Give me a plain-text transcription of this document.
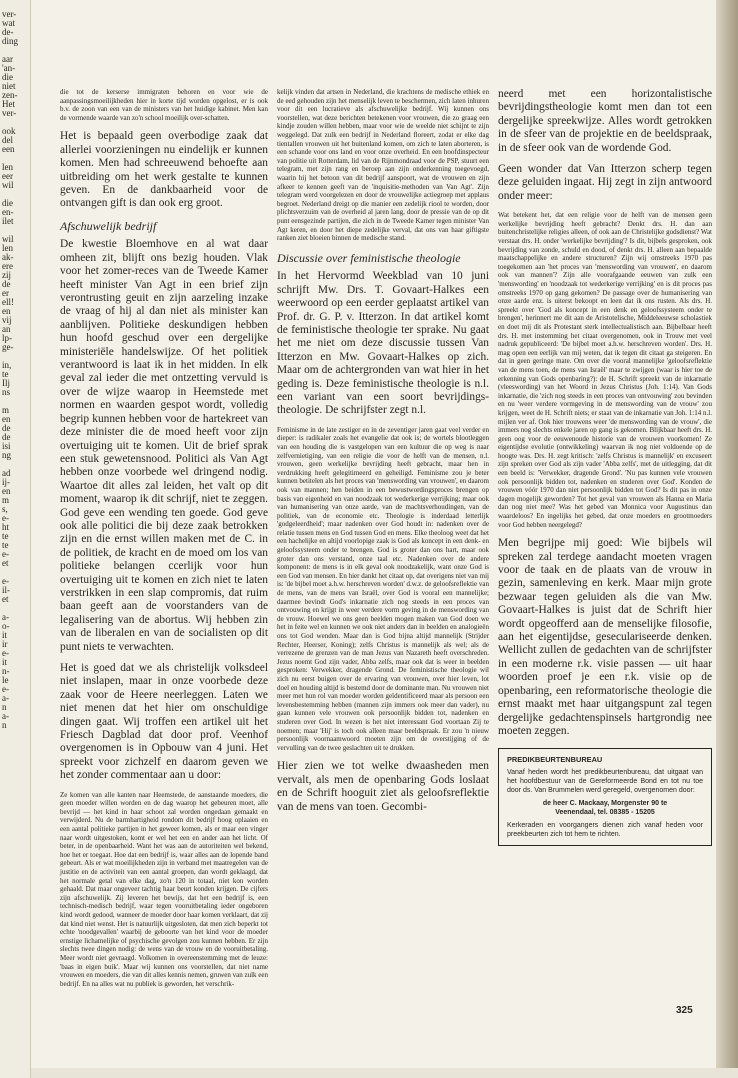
ver-
wat
de-
ding

aar
'an-
die
niet
zen-
Het
ver-

ook
del
een

len
eer
wil

die
en-
ilet

wil
len
ak-
ere
zij
de
er
ell!
en
vij
an
lp-
ge-

in,
te
Ilj
ns

m
en
de
de
isi
ng

ad
ij-
en
m
s,
e-
ht
te
te
e-
et

e-
il-
et

a-
o-
it
ir
e-
it
n-
le
e-
a-
n
a-
n

die tot de kerserse immigraten behoren en voor wie de aanpassingsmoeilijkheden hier in korte tijd worden opgelost, er is ook b.v. de zoon van een van de ministers van het huidige kabinet. Men kan de vormende waarde van zo'n school moeilijk over-schatten.

Het is bepaald geen overbodige zaak dat allerlei voorzieningen nu eindelijk er kunnen komen. Men had schreeuwend behoefte aan uitbreiding om het werk gestalte te kunnen geven. En de dankbaarheid voor de ontvangen gift is dan ook erg groot.

Afschuwelijk bedrijf

De kwestie Bloemhove en al wat daar omheen zit, blijft ons bezig houden. Vlak voor het zomer-reces van de Tweede Kamer heeft minister Van Agt in een brief zijn verontrusting geuit en zijn aarzeling inzake de vraag of hij al dan niet als minister kan aanblijven. Politieke deskundigen hebben hun hoofd geschud over een dergelijke ministeriële handelswijze. Of het politiek verantwoord is laat ik in het midden. In elk geval zal ieder die met ontzetting vervuld is over de wijze waarop in Heemstede met normen en waarden gespot wordt, volledig begrip kunnen hebben voor de hartekreet van deze minister die de moed heeft voor zijn overtuiging uit te komen. Uit de brief sprak een stuk gewetensnood. Politici als Van Agt hebben onze voorbede wel dringend nodig. Waartoe dit alles zal leiden, het valt op dit moment, waarop ik dit schrijf, niet te zeggen. God geve een wending ten goede. God geve ook alle politici die bij deze zaak betrokken zijn en die ernst willen maken met de C. in de politiek, de kracht en de moed om los van politieke belangen ccerlijk voor hun overtuiging uit te komen en zich niet te laten verstrikken in een slap compromis, dat ruim baan geeft aan de voorstanders van de legalisering van de abortus. Wij hebben zin van de liberalen en van de socialisten op dit punt niets te verwachten.

Het is goed dat we als christelijk volksdeel niet inslapen, maar in onze voorbede deze zaak voor de Heere neerleggen. Laten we niet menen dat het hier om onschuldige dingen gaat. Wij troffen een artikel uit het Friesch Dagblad dat door prof. Veenhof overgenomen is in Opbouw van 4 juni. Het spreekt voor zichzelf en daarom geven we het zonder commentaar aan u door:

Ze komen van alle kanten naar Heemstede, de aanstaande moeders, die geen moeder willen worden en de dag waarop het gebeuren moet, alle bevrijd — het kind in haar schoot zal worden ongedaan gemaakt en verwijderd. Nu de barmhartigheid rondom dit bedrijf hoog oplaaien en een aantal politieke partijen in het geweer komen, als er maar een vinger naar wordt uitgestoken, komt er wel het een en ander aan het licht. Of beter, in de openbaarheid. Want het was aan de autoriteiten wel bekend, hoe het er toegaat. Hoe dat een bedrijf is, waar alles aan de lopende band gebeurt. Als er wat moeilijkheden zijn in verband met maatregelen van de justitie en de activiteit van een aantal groepen, dan wordt geklaagd, dat het normale getal van elke dag, zo'n 120 in totaal, niet kon worden gehaald. Dat maar ongeveer tachtig haar beurt konden krijgen. De cijfers zijn afschuwelijk. Zij leveren het bewijs, dat het een bedrijf is, een technisch-medisch bedrijf, waar tegen vooruitbetaling ieder ongeboren kind wordt gedood, wanneer de moeder door haar komen verklaart, dat zij dat kind niet wenst. Het is natuurlijk uitgesloten, dat men zich beperkt tot echte 'noodgevallen' waarbij de geboorte van het kind voor de moeder ernstige lichamelijke of psychische gevolgen zou kunnen hebben. Er zijn slechts twee dingen nodig: de wens van de vrouw en de vooruitbetaling. Meer wordt niet gevraagd. Volkomen in overeenstemming met de leuze: 'baas in eigen buik'. Maar wij kunnen ons voorstellen, dat niet name vrouwen en moeders, die van dit alles kennis nemen, gruwen van zulk een bedrijf. En na alles wat nu publiek is geworden, het verschrik-

kelijk vinden dat artsen in Nederland, die krachtens de medische ethiek en de eed gehouden zijn het menselijk leven te beschermen, zich laten inhuren voor dit een lucratieve als afschuwelijke bedrijf. Wij kunnen ons voorstellen, wat deze berichten betekenen voor vrouwen, die zo graag een kindje zouden willen hebben, maar voor wie de weelde niet schijnt te zijn weggelegd. Dat zulk een bedrijf in Nederland floreert, zodat er elke dag tientallen vrouwen uit het buitenland komen, om zich te laten aborteren, is een schande voor ons land en voor onze overheid. En een hoofdinspecteur van politie uit Rotterdam, lid van de Rijnmondraad voor de PSP, stuurt een telegram, met zijn rang en beroep aan zijn onderkenning toegevoegd, waarin hij het betoon van dit bedrijf aanspoort, wat de vrouwen en zijn afkeer te kennen geeft van de 'inquisitie-methoden van Van Agt'. Zijn telegram werd voorgelezen en door de vrouwelijke actiegroep met applaus begroet. Nederland dreigt op die manier een zedelijk riool te worden, door plichtsverzuim van de overheid al jaren lang, door de pressie van de op dit punt eensgezinde partijen, die zich in de Tweede Kamer tegen minister Van Agt keren, en door het diepe zedelijke verval, dat ons van haar giftigste ranken ziet bloeien binnen de medische stand.

Discussie over feministische theologie

In het Hervormd Weekblad van 10 juni schrijft Mw. Drs. T. Govaart-Halkes een weerwoord op een eerder geplaatst artikel van Prof. dr. G. P. v. Itterzon. In dat artikel komt de feministische theologie ter sprake. Nu gaat het me niet om deze discussie tussen Van Itterzon en Mw. Govaart-Halkes op zich. Maar om de achtergronden van wat hier in het geding is. Deze feministische theologie is n.l. een variant van een soort bevrijdings-theologie. De schrijfster zegt n.l.

Feminisme in de late zestiger en in de zeventiger jaren gaat veel verder en dieper: is radikaler zoals het evangelie dat ook is; de wortels blootleggen van een houding die is vastgelopen van een kultuur die op weg is naar zelfvernietiging, van een religie die voor de helft van de mensen, n.l. vrouwen, geen werkelijke bevrijding heeft gebracht, maar hen in verdrukking heeft gelegitimeerd en geheiligd. Feminisme zou je beter kunnen betitelen als het proces van 'menswording van vrouwen', en daarom ook van mannen; hen beiden in een bewustwordingsproces brengen op basis van eigenheid en van noodzaak tot wederkerige verrijking; maar ook van humanisering van onze aarde, van de machtsverhoudingen, van de politiek, van de economie etc. Theologie is inderdaad letterlijk 'godgeleerdheid'; maar nadenken over God houdt in: nadenken over de relatie tussen mens en God tussen God en mens. Elke theoloog weet dat het een hachelijke en altijd voorlopige zaak is God als koncept in een denk- en geloofssysteem onder te brengen. God is groter dan ons hart, maar ook groter dan ons verstand, onze taal etc. Nadenken over de andere komponent: de mens is in elk geval ook noodzakelijk, want onze God is een God van mensen. En hier dankt het citaat op, dat overigens niet van mij is: 'de bijbel moet a.h.w. herschreven worden' d.w.z. de geloofsreflektie van de mens, van de mens van Israël, over God is vooral een mannelijke; daarmee bevindt God's inkarnatie zich nog steeds in een proces van ontvouwing en krijgt in weer verdere vorm geving in de menswording van de vrouw. Hoewel we ons geen beelden mogen maken van God doen we het in feite wel en kunnen we ook niet anders dan in beelden en analogieën ons tot God wenden. Maar dan is God bijna altijd mannelijk (Strijder Rechter, Heerser, Koning); zelfs Christus is mannelijk als wel; als de verrezene de grenzen van de man Jezus van Nazareth heeft overschreden. Jezus noemt God zijn vader, Abba zelfs, maar ook dat is weer in beelden gesproken: Verwekker, dragende Grond. De feministische theologie wil zich nu eerst buigen over de ervaring van vrouwen, over hier leven, lot doel en houding altijd is bestemd door de dominante man. Nu vrouwen niet meer met hun rol van moeder worden geïdentificeerd maar als persoon een levensbestemming hebben (mannen zijn immers ook meer dan vader), nu gaan kunnen vele vrouwen ook persoonlijk bidden tot, nadenken en studeren over God. In wezen is het niet interessant God voortaan Zij te noemen; maar 'Hij' is toch ook alleen maar beeldspraak. Er zou 'n nieuw persoonlijk voornaamwoord moeten zijn om de overstijging of de vervulling van de twee geslachten uit te drukken.

Hier zien we tot welke dwaasheden men vervalt, als men de openbaring Gods loslaat en de Schrift hooguit ziet als geloofsreflektie van de mens van toen. Gecombi-

neerd met een horizontalistische bevrijdingstheologie komt men dan tot een dergelijke spreekwijze. Alles wordt getrokken in de sfeer van de projektie en de beeldspraak, in de sfeer ook van de wordende God.

Geen wonder dat Van Itterzon scherp tegen deze geluiden ingaat. Hij zegt in zijn antwoord onder meer:

Wat betekent het, dat een religie voor de helft van de mensen geen werkelijke bevrijding heeft gebracht? Denkt drs. H. dan aan buitenchristelijke religies alleen, of ook aan de Christelijke godsdienst? Wat verstaat drs. H. onder 'werkelijke bevrijding'? Is dit, bijbels gesproken, ook bevrijding van zonde, schuld en dood, of denkt drs. H. alleen aan bepaalde maatschappelijke en andere structuren? Zijn wij omstreeks 1970 pas toegekomen aan 'het proces van 'menswording van vrouwen', en daarom ook van mannen'? Zijn alle voorafgaande eeuwen van zulk een 'menswording' en 'noodzaak tot wederkerige verrijking' en is dit proces pas omstreeks 1970 op gang gekomen? De passage over de humanisering van onze aarde enz. is uiterst bekoopt en leen dat ik ons rusten. Als drs. H. spreekt over 'God als koncept in een denk en geloofssysteem onder te brengen', herinnert me dit aan de Aristotelische, Middeleeuwse scholastiek en doet mij dit als Protestant sterk intellectualistisch aan. Bijbelbaar heeft drs. H. met instemming het citaat overgenomen, ook in Trouw met veel nadruk gepubliceerd: 'De bijbel moet a.h.w. herschreven worden'. Drs. H. mag open een eerlijk van mij weten, dat ik tegen dit citaat ga steigeren. En dat in geen geringe mate. Om over die vooral mannelijke 'geloofsreflektie van de mens toen, de mens van Israël' maar te zwijgen (waar is hier toe de erkenning van Gods openbaring?): de H. Schrift spreekt van de inkarnatie (vleeswording) van het Woord in Jezus Christus (Joh. 1:14). Van Gods inkarnatie, die 'zich nog steeds in een proces van ontvouwing' zou bevinden en nu 'weer verdere vormgeving in de menswording van de vrouw' zou krijgen, weet de H. Schrift niets; er staat van de inkarnatie van Joh. 1:14 n.l. mijlen ver af. Ook hier trouwens weer 'de menswording van de vrouw', die immers nog slechts enkele jaren op gang is gekomen. Blijkbaar heeft drs. H. geen oog voor de eeuwenoude historie van de vrouwen voorkomen! Ze eigentijdse evolutie (ontwikkeling) waarvan ik nog niet voldoende op de hoogte was. Drs. H. zegt kritisch: 'zelfs Christus is mannelijk' en excuseert zijn spreken over God als zijn vader 'Abba zelfs', met de uitlegging, dat dit een beeld is: 'Verwekker, dragende Grond'. 'Nu pas kunnen vele vrouwen ook persoonlijk bidden tot, nadenken en studeren over God'. Konden de vrouwen vóór 1970 dan niet persoonlijk bidden tot God? Is dit pas in onze dagen mogelijk geworden? Tot het geval van vrouwen als Hanna en Maria dan nog niet mee? Was het gebed van Monnica voor Augustinus dan waardeloos? En ingelijks het gebed, dat onze moeders en grootmoeders voor God hebben neergelegd?

Men begrijpe mij goed: Wie bijbels wil spreken zal terdege aandacht moeten vragen voor de taak en de plaats van de vrouw in gezin, samenleving en kerk. Maar mijn grote bezwaar tegen geluiden als die van Mw. Govaart-Halkes is juist dat de Schrift hier wordt opgeofferd aan de menselijke filosofie, aan het eigentijdse, geseculariseerde denken. Wellicht zullen de gedachten van de schrijfster in een moderne r.k. visie passen — uit haar woorden proef je een r.k. visie op de openbaring, een reformatorische theologie die ernst maakt met haar uitgangspunt zal tegen dergelijke gedachtenspinsels hartgrondig nee moeten zeggen.

PREDIKBEURTENBUREAU
Vanaf heden wordt het predikbeurtenbureau, dat uitgaat van het hoofdbestuur van de Gereformeerde Bond en tot nu toe door ds. Van Brummelen werd geregeld, overgenomen door:
de heer C. Mackaay, Morgenster 90 te
Veenendaal, tel. 08385 - 15205
Kerkeraden en voorgangers dienen zich vanaf heden voor preekbeurten zich tot hem te richten.
325
